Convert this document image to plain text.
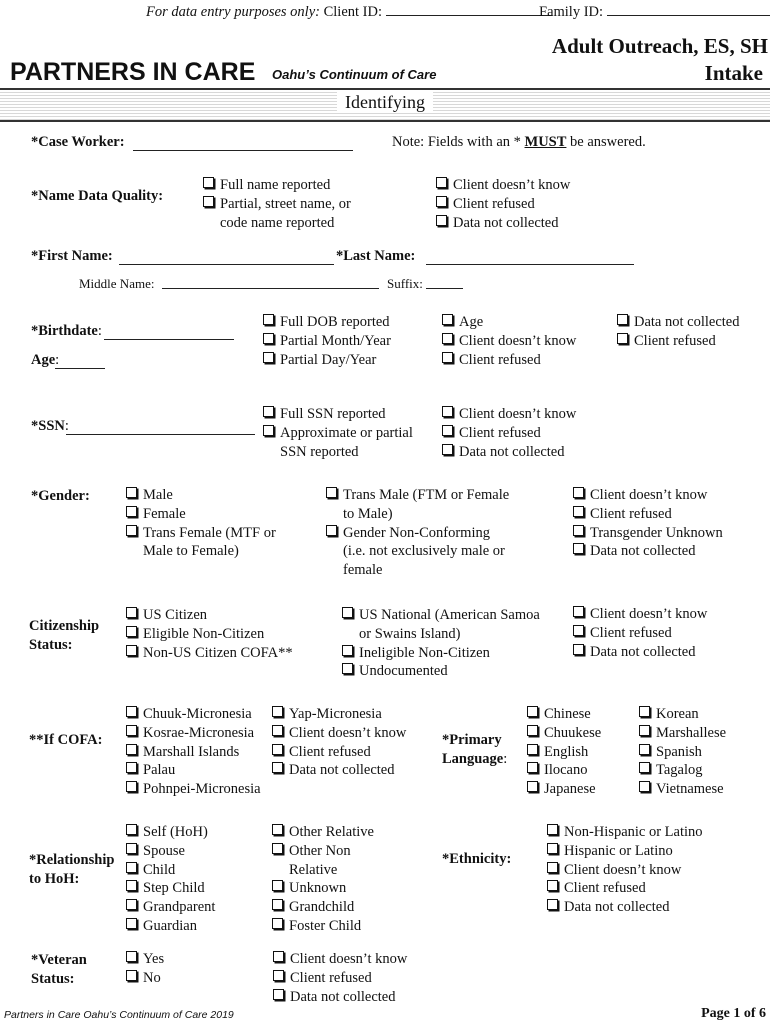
For data entry purposes only: Client ID:	Family ID:
Adult Outreach, ES, SH
Intake
PARTNERS IN CARE Oahu’s Continuum of Care
Identifying
*Case Worker:	Note: Fields with an * MUST be answered.
*Name Data Quality:
Full name reported
Partial, street name, or
code name reported
Client doesn’t know
Client refused
Data not collected
*First Name:	*Last Name:
Middle Name:	Suffix:
*Birthdate:
Age:
Full DOB reported
Partial Month/Year
Partial Day/Year
Age
Client doesn’t know
Client refused
Data not collected
Client refused
*SSN:
Full SSN reported
Approximate or partial
SSN reported
Client doesn’t know
Client refused
Data not collected
*Gender:	Male
Female
Trans Female (MTF or
Male to Female)
Trans Male (FTM or Female
to Male)
Gender Non-Conforming
(i.e. not exclusively male or
female
Client doesn’t know
Client refused
Transgender Unknown
Data not collected
Citizenship
Status:
US Citizen
Eligible Non-Citizen
Non-US Citizen COFA**
US National (American Samoa
or Swains Island)
Ineligible Non-Citizen
Undocumented
Client doesn’t know
Client refused
Data not collected
**If COFA:
Chuuk-Micronesia
Kosrae-Micronesia
Marshall Islands
Palau
Pohnpei-Micronesia
Yap-Micronesia
Client doesn’t know
Client refused
Data not collected
*Primary
Language:
Chinese
Chuukese
English
Ilocano
Japanese
Korean
Marshallese
Spanish
Tagalog
Vietnamese
*Relationship
to HoH:
Self (HoH)
Spouse
Child
Step Child
Grandparent
Guardian
Other Relative
Other Non
Relative
Unknown
Grandchild
Foster Child
*Ethnicity:
Non-Hispanic or Latino
Hispanic or Latino
Client doesn’t know
Client refused
Data not collected
*Veteran
Status:
Yes
No
Client doesn’t know
Client refused
Data not collected
Partners in Care Oahu’s Continuum of Care 2019	Page 1 of 6
